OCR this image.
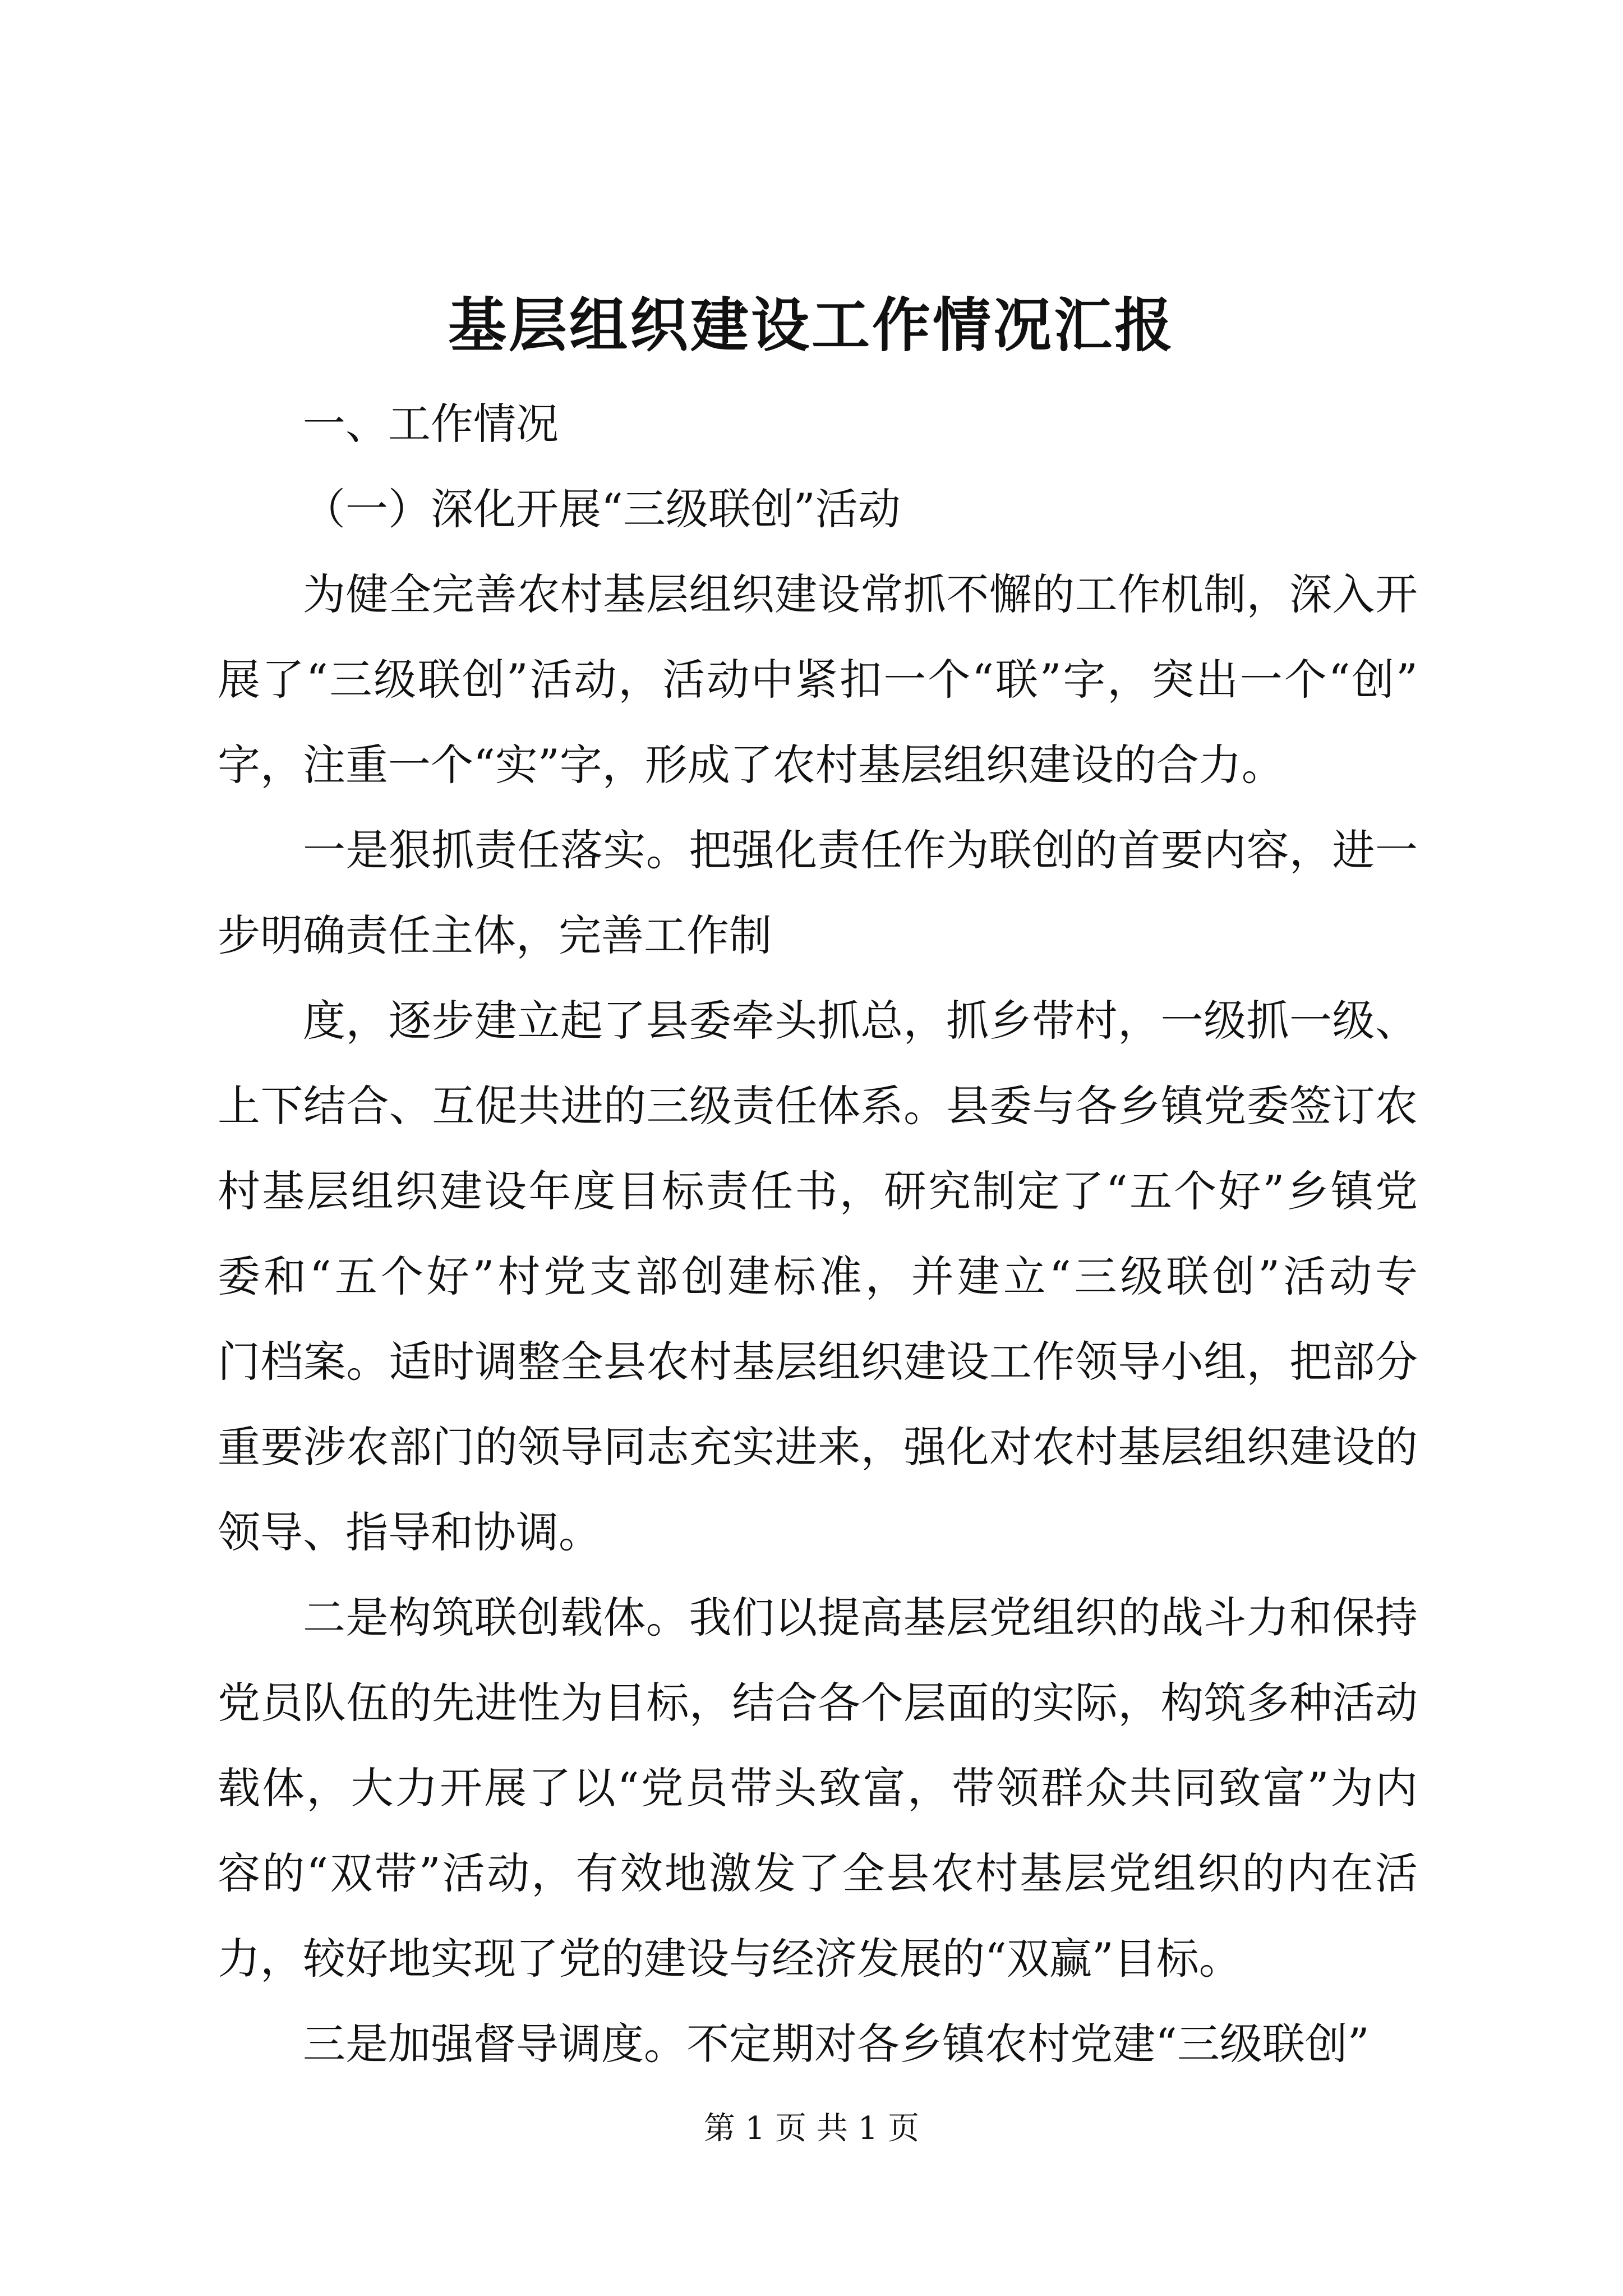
基层组织建设工作情况汇报
一、工作情况
（一）深化开展“三级联创”活动
为健全完善农村基层组织建设常抓不懈的工作机制，深入开
展了“三级联创”活动，活动中紧扣一个“联”字，突出一个“创”
字，注重一个“实”字，形成了农村基层组织建设的合力。
一是狠抓责任落实。把强化责任作为联创的首要内容，进一
步明确责任主体，完善工作制
度，逐步建立起了县委牵头抓总，抓乡带村，一级抓一级、
上下结合、互促共进的三级责任体系。县委与各乡镇党委签订农
村基层组织建设年度目标责任书，研究制定了“五个好”乡镇党
委和“五个好”村党支部创建标准，并建立“三级联创”活动专
门档案。适时调整全县农村基层组织建设工作领导小组，把部分
重要涉农部门的领导同志充实进来，强化对农村基层组织建设的
领导、指导和协调。
二是构筑联创载体。我们以提高基层党组织的战斗力和保持
党员队伍的先进性为目标，结合各个层面的实际，构筑多种活动
载体，大力开展了以“党员带头致富，带领群众共同致富”为内
容的“双带”活动，有效地激发了全县农村基层党组织的内在活
力，较好地实现了党的建设与经济发展的“双赢”目标。
三是加强督导调度。不定期对各乡镇农村党建“三级联创”
第 1 页 共 1 页
